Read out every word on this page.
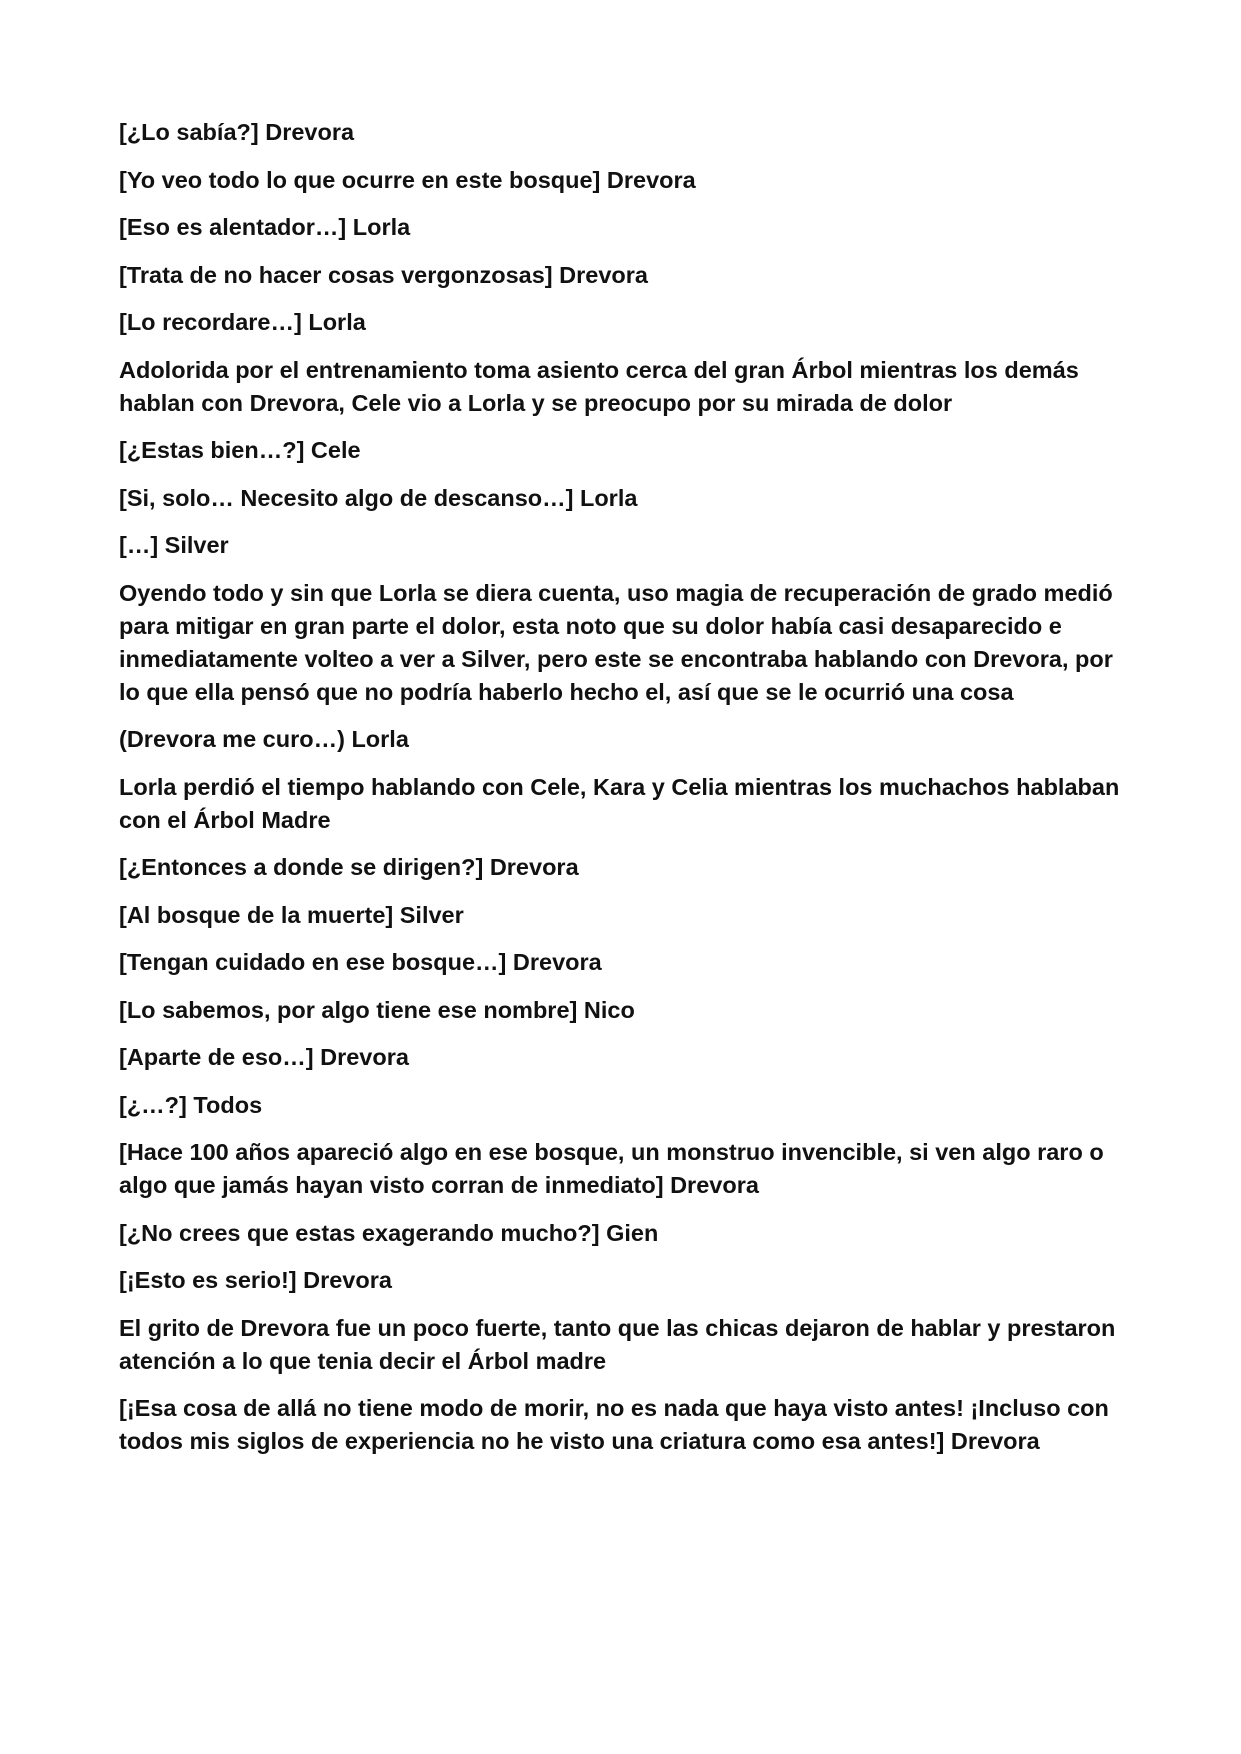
[¿Lo sabía?] Drevora

[Yo veo todo lo que ocurre en este bosque] Drevora

[Eso es alentador…] Lorla

[Trata de no hacer cosas vergonzosas] Drevora

[Lo recordare…] Lorla

Adolorida por el entrenamiento toma asiento cerca del gran Árbol mientras los demás hablan con Drevora, Cele vio a Lorla y se preocupo por su mirada de dolor

[¿Estas bien…?] Cele

[Si, solo… Necesito algo de descanso…] Lorla

[…] Silver

Oyendo todo y sin que Lorla se diera cuenta, uso magia de recuperación de grado medió para mitigar en gran parte el dolor, esta noto que su dolor había casi desaparecido e inmediatamente volteo a ver a Silver, pero este se encontraba hablando con Drevora, por lo que ella pensó que no podría haberlo hecho el, así que se le ocurrió una cosa

(Drevora me curo…) Lorla

Lorla perdió el tiempo hablando con Cele, Kara y Celia mientras los muchachos hablaban con el Árbol Madre

[¿Entonces a donde se dirigen?] Drevora

[Al bosque de la muerte] Silver

[Tengan cuidado en ese bosque…] Drevora

[Lo sabemos, por algo tiene ese nombre] Nico

[Aparte de eso…] Drevora

[¿…?] Todos

[Hace 100 años apareció algo en ese bosque, un monstruo invencible, si ven algo raro o algo que jamás hayan visto corran de inmediato] Drevora

[¿No crees que estas exagerando mucho?] Gien

[¡Esto es serio!] Drevora

El grito de Drevora fue un poco fuerte, tanto que las chicas dejaron de hablar y prestaron atención a lo que tenia decir el Árbol madre

[¡Esa cosa de allá no tiene modo de morir, no es nada que haya visto antes! ¡Incluso con todos mis siglos de experiencia no he visto una criatura como esa antes!] Drevora
